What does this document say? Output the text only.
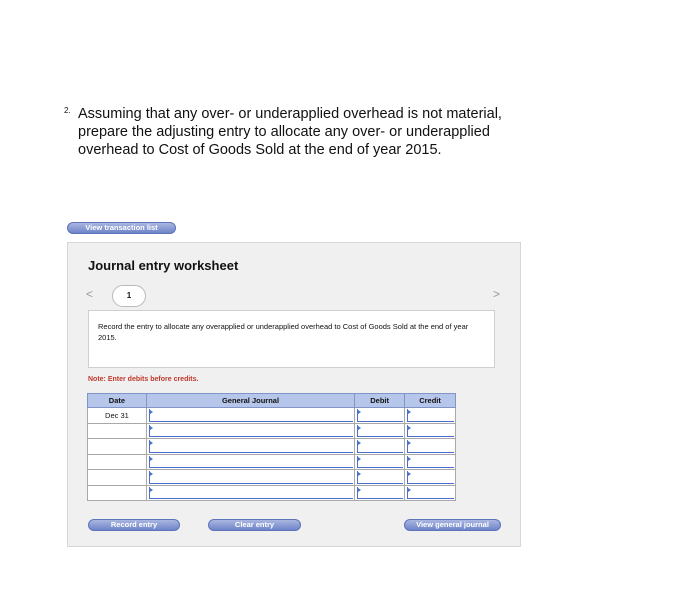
2. Assuming that any over- or underapplied overhead is not material, prepare the adjusting entry to allocate any over- or underapplied overhead to Cost of Goods Sold at the end of year 2015.
View transaction list
Journal entry worksheet
<	1	>
Record the entry to allocate any overapplied or underapplied overhead to Cost of Goods Sold at the end of year 2015.
Note: Enter debits before credits.
Date	General Journal	Debit	Credit
Dec 31	

Record entry	Clear entry	View general journal
